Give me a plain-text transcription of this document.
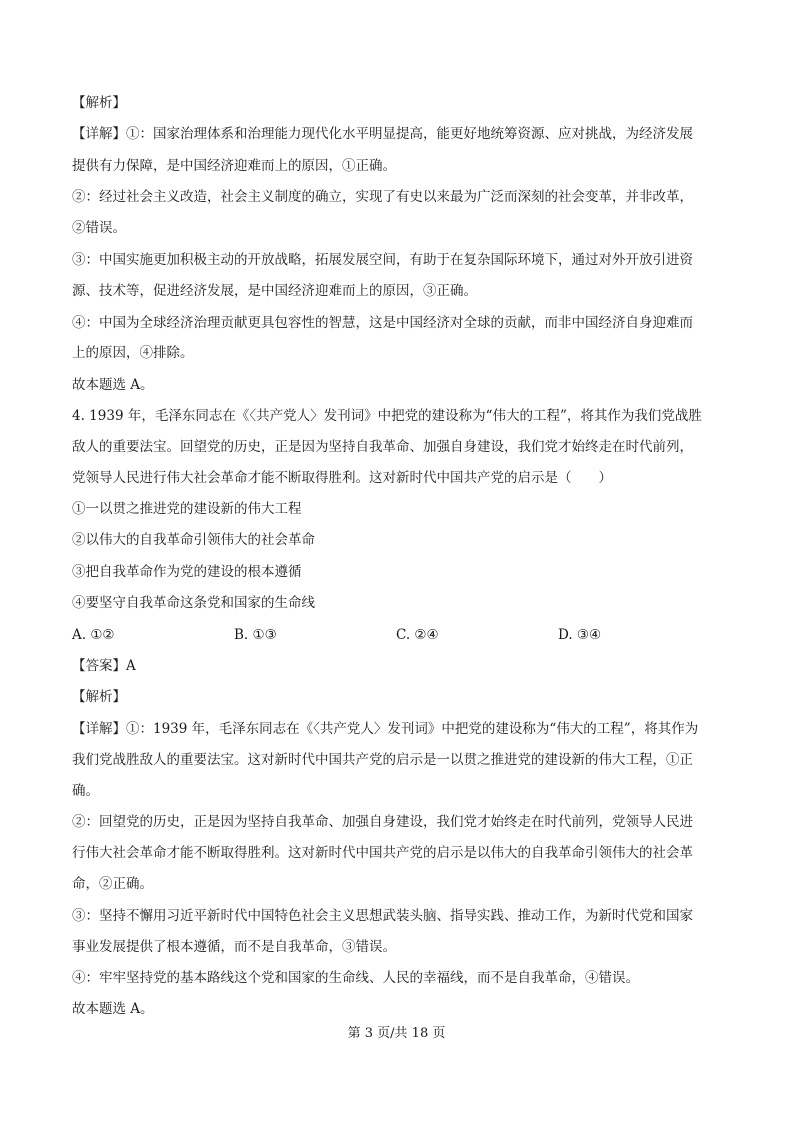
【解析】
【详解】①：国家治理体系和治理能力现代化水平明显提高，能更好地统筹资源、应对挑战，为经济发展
提供有力保障，是中国经济迎难而上的原因，①正确。
②：经过社会主义改造，社会主义制度的确立，实现了有史以来最为广泛而深刻的社会变革，并非改革，
②错误。
③：中国实施更加积极主动的开放战略，拓展发展空间，有助于在复杂国际环境下，通过对外开放引进资
源、技术等，促进经济发展，是中国经济迎难而上的原因，③正确。
④：中国为全球经济治理贡献更具包容性的智慧，这是中国经济对全球的贡献，而非中国经济自身迎难而
上的原因，④排除。
故本题选 A。
4. 1939 年，毛泽东同志在《〈共产党人〉发刊词》中把党的建设称为“伟大的工程”，将其作为我们党战胜
敌人的重要法宝。回望党的历史，正是因为坚持自我革命、加强自身建设，我们党才始终走在时代前列，
党领导人民进行伟大社会革命才能不断取得胜利。这对新时代中国共产党的启示是（　　）
①一以贯之推进党的建设新的伟大工程
②以伟大的自我革命引领伟大的社会革命
③把自我革命作为党的建设的根本遵循
④要坚守自我革命这条党和国家的生命线
A. ①②	B. ①③	C. ②④	D. ③④
【答案】A
【解析】
【详解】①：1939 年，毛泽东同志在《〈共产党人〉发刊词》中把党的建设称为“伟大的工程”，将其作为
我们党战胜敌人的重要法宝。这对新时代中国共产党的启示是一以贯之推进党的建设新的伟大工程，①正
确。
②：回望党的历史，正是因为坚持自我革命、加强自身建设，我们党才始终走在时代前列，党领导人民进
行伟大社会革命才能不断取得胜利。这对新时代中国共产党的启示是以伟大的自我革命引领伟大的社会革
命，②正确。
③：坚持不懈用习近平新时代中国特色社会主义思想武装头脑、指导实践、推动工作，为新时代党和国家
事业发展提供了根本遵循，而不是自我革命，③错误。
④：牢牢坚持党的基本路线这个党和国家的生命线、人民的幸福线，而不是自我革命，④错误。
故本题选 A。
第 3 页/共 18 页
